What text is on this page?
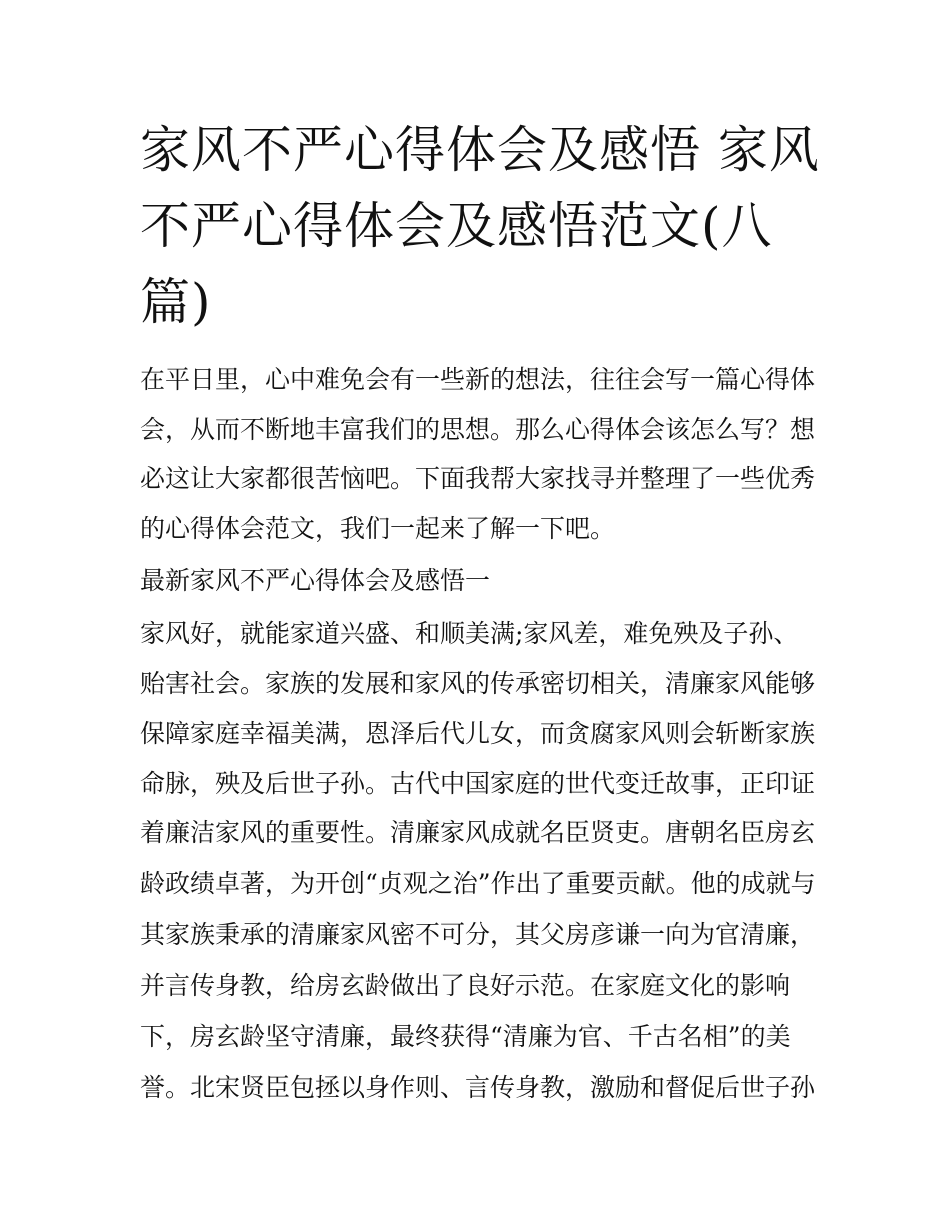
家风不严心得体会及感悟 家风不严心得体会及感悟范文(八篇)

在平日里，心中难免会有一些新的想法，往往会写一篇心得体

会，从而不断地丰富我们的思想。那么心得体会该怎么写？想

必这让大家都很苦恼吧。下面我帮大家找寻并整理了一些优秀

的心得体会范文，我们一起来了解一下吧。

最新家风不严心得体会及感悟一

家风好，就能家道兴盛、和顺美满;家风差，难免殃及子孙、

贻害社会。家族的发展和家风的传承密切相关，清廉家风能够

保障家庭幸福美满，恩泽后代儿女，而贪腐家风则会斩断家族

命脉，殃及后世子孙。古代中国家庭的世代变迁故事，正印证

着廉洁家风的重要性。清廉家风成就名臣贤吏。唐朝名臣房玄

龄政绩卓著，为开创“贞观之治”作出了重要贡献。他的成就与

其家族秉承的清廉家风密不可分，其父房彦谦一向为官清廉，

并言传身教，给房玄龄做出了良好示范。在家庭文化的影响

下，房玄龄坚守清廉，最终获得“清廉为官、千古名相”的美

誉。北宋贤臣包拯以身作则、言传身教，激励和督促后世子孙
